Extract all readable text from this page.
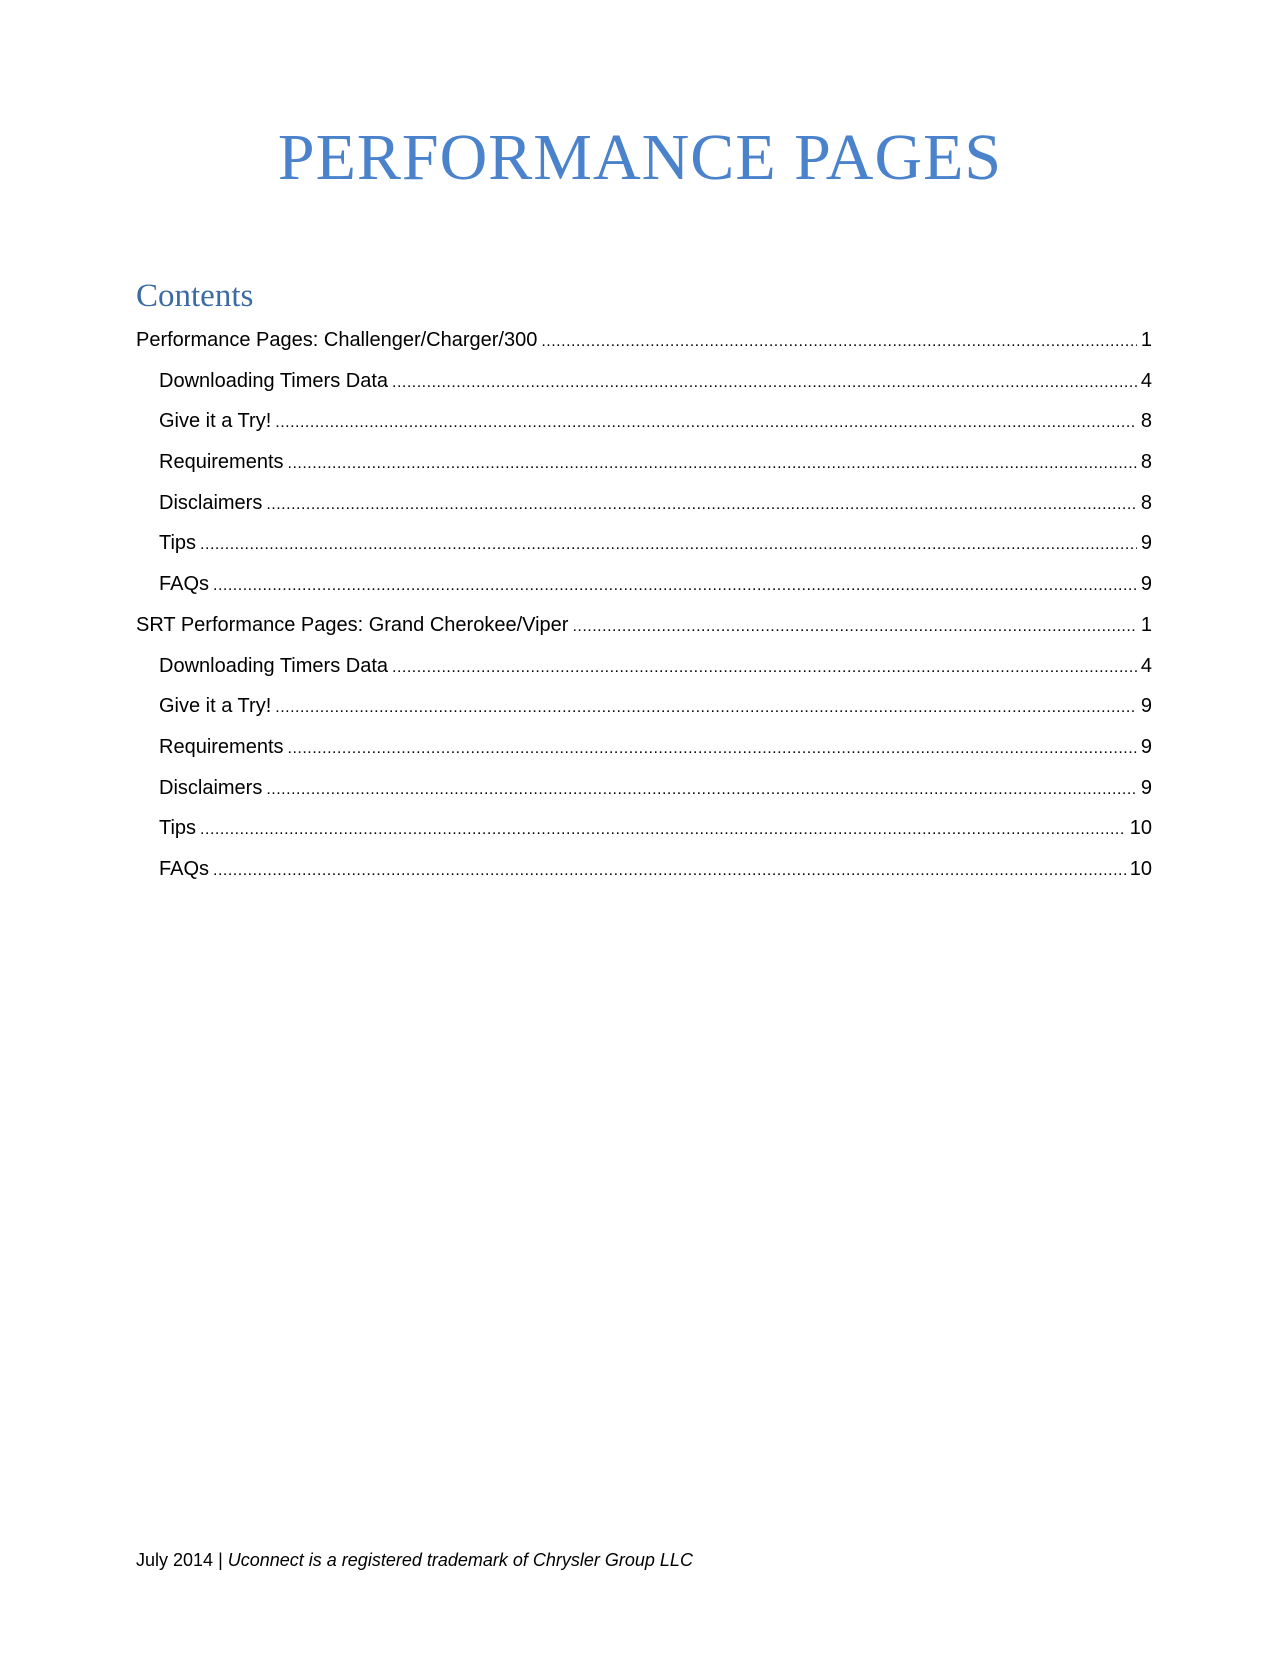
PERFORMANCE PAGES
Contents
Performance Pages: Challenger/Charger/300 .....	1
Downloading Timers Data .....	4
Give it a Try! .....	8
Requirements .....	8
Disclaimers .....	8
Tips .....	9
FAQs .....	9
SRT Performance Pages: Grand Cherokee/Viper .....	1
Downloading Timers Data .....	4
Give it a Try! .....	9
Requirements .....	9
Disclaimers .....	9
Tips .....	10
FAQs .....	10
July 2014 | Uconnect is a registered trademark of Chrysler Group LLC
